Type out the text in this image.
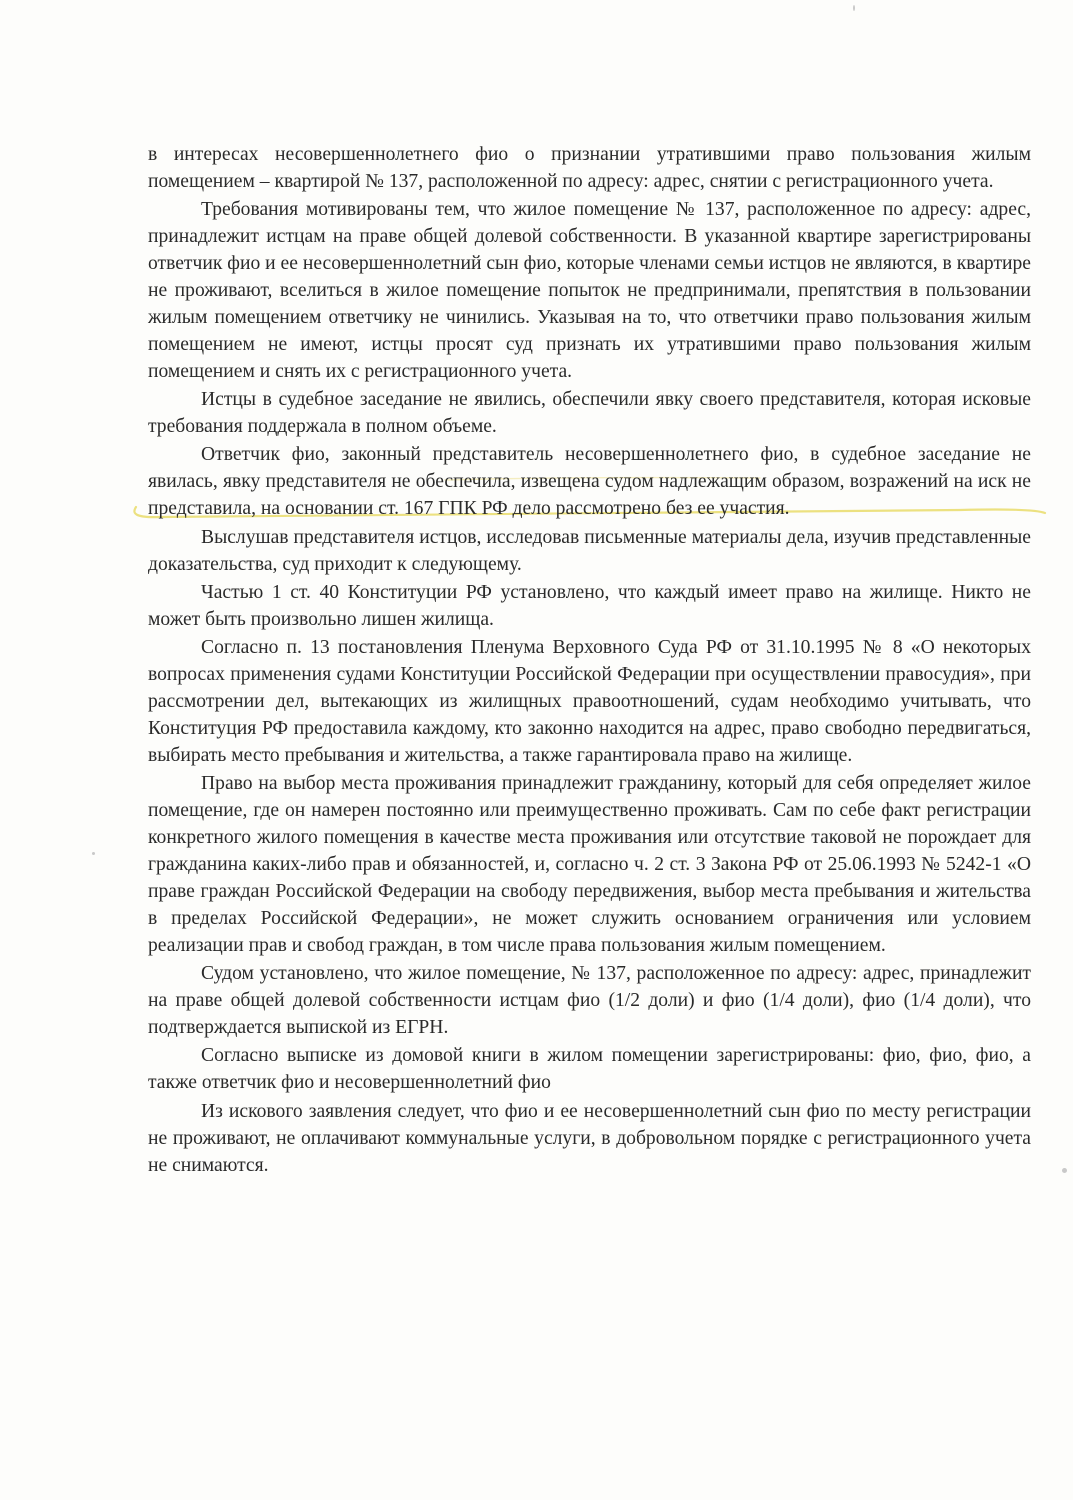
в интересах несовершеннолетнего фио о признании утратившими право пользования жилым помещением – квартирой № 137, расположенной по адресу: адрес, снятии с регистрационного учета.

Требования мотивированы тем, что жилое помещение № 137, расположенное по адресу: адрес, принадлежит истцам на праве общей долевой собственности. В указанной квартире зарегистрированы ответчик фио и ее несовершеннолетний сын фио, которые членами семьи истцов не являются, в квартире не проживают, вселиться в жилое помещение попыток не предпринимали, препятствия в пользовании жилым помещением ответчику не чинились. Указывая на то, что ответчики право пользования жилым помещением не имеют, истцы просят суд признать их утратившими право пользования жилым помещением и снять их с регистрационного учета.

Истцы в судебное заседание не явились, обеспечили явку своего представителя, которая исковые требования поддержала в полном объеме.

Ответчик фио, законный представитель несовершеннолетнего фио, в судебное заседание не явилась, явку представителя не обеспечила, извещена судом надлежащим образом, возражений на иск не представила, на основании ст. 167 ГПК РФ дело рассмотрено без ее участия.

Выслушав представителя истцов, исследовав письменные материалы дела, изучив представленные доказательства, суд приходит к следующему.

Частью 1 ст. 40 Конституции РФ установлено, что каждый имеет право на жилище. Никто не может быть произвольно лишен жилища.

Согласно п. 13 постановления Пленума Верховного Суда РФ от 31.10.1995 № 8 «О некоторых вопросах применения судами Конституции Российской Федерации при осуществлении правосудия», при рассмотрении дел, вытекающих из жилищных правоотношений, судам необходимо учитывать, что Конституция РФ предоставила каждому, кто законно находится на адрес, право свободно передвигаться, выбирать место пребывания и жительства, а также гарантировала право на жилище.

Право на выбор места проживания принадлежит гражданину, который для себя определяет жилое помещение, где он намерен постоянно или преимущественно проживать. Сам по себе факт регистрации конкретного жилого помещения в качестве места проживания или отсутствие таковой не порождает для гражданина каких-либо прав и обязанностей, и, согласно ч. 2 ст. 3 Закона РФ от 25.06.1993 № 5242-1 «О праве граждан Российской Федерации на свободу передвижения, выбор места пребывания и жительства в пределах Российской Федерации», не может служить основанием ограничения или условием реализации прав и свобод граждан, в том числе права пользования жилым помещением.

Судом установлено, что жилое помещение, № 137, расположенное по адресу: адрес, принадлежит на праве общей долевой собственности истцам фио (1/2 доли) и фио (1/4 доли), фио (1/4 доли), что подтверждается выпиской из ЕГРН.

Согласно выписке из домовой книги в жилом помещении зарегистрированы: фио, фио, фио, а также ответчик фио и несовершеннолетний фио

Из искового заявления следует, что фио и ее несовершеннолетний сын фио по месту регистрации не проживают, не оплачивают коммунальные услуги, в добровольном порядке с регистрационного учета не снимаются.
